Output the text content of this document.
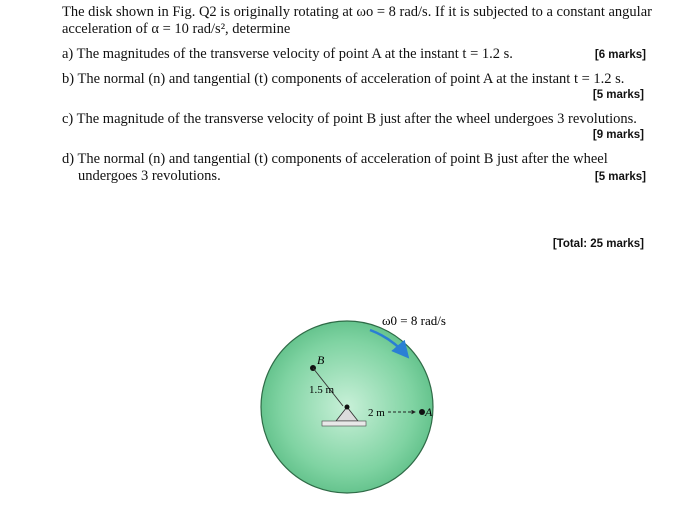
The disk shown in Fig. Q2 is originally rotating at ωo = 8 rad/s. If it is subjected to a constant angular
acceleration of α = 10 rad/s², determine
a) The magnitudes of the transverse velocity of point A at the instant t = 1.2 s.	[6 marks]
b) The normal (n) and tangential (t) components of acceleration of point A at the instant t = 1.2 s.
[5 marks]
c) The magnitude of the transverse velocity of point B just after the wheel undergoes 3 revolutions.
[9 marks]
d) The normal (n) and tangential (t) components of acceleration of point B just after the wheel
undergoes 3 revolutions.	[5 marks]
[Total: 25 marks]
ω0 = 8 rad/s
B
1.5 m
2 m	A
